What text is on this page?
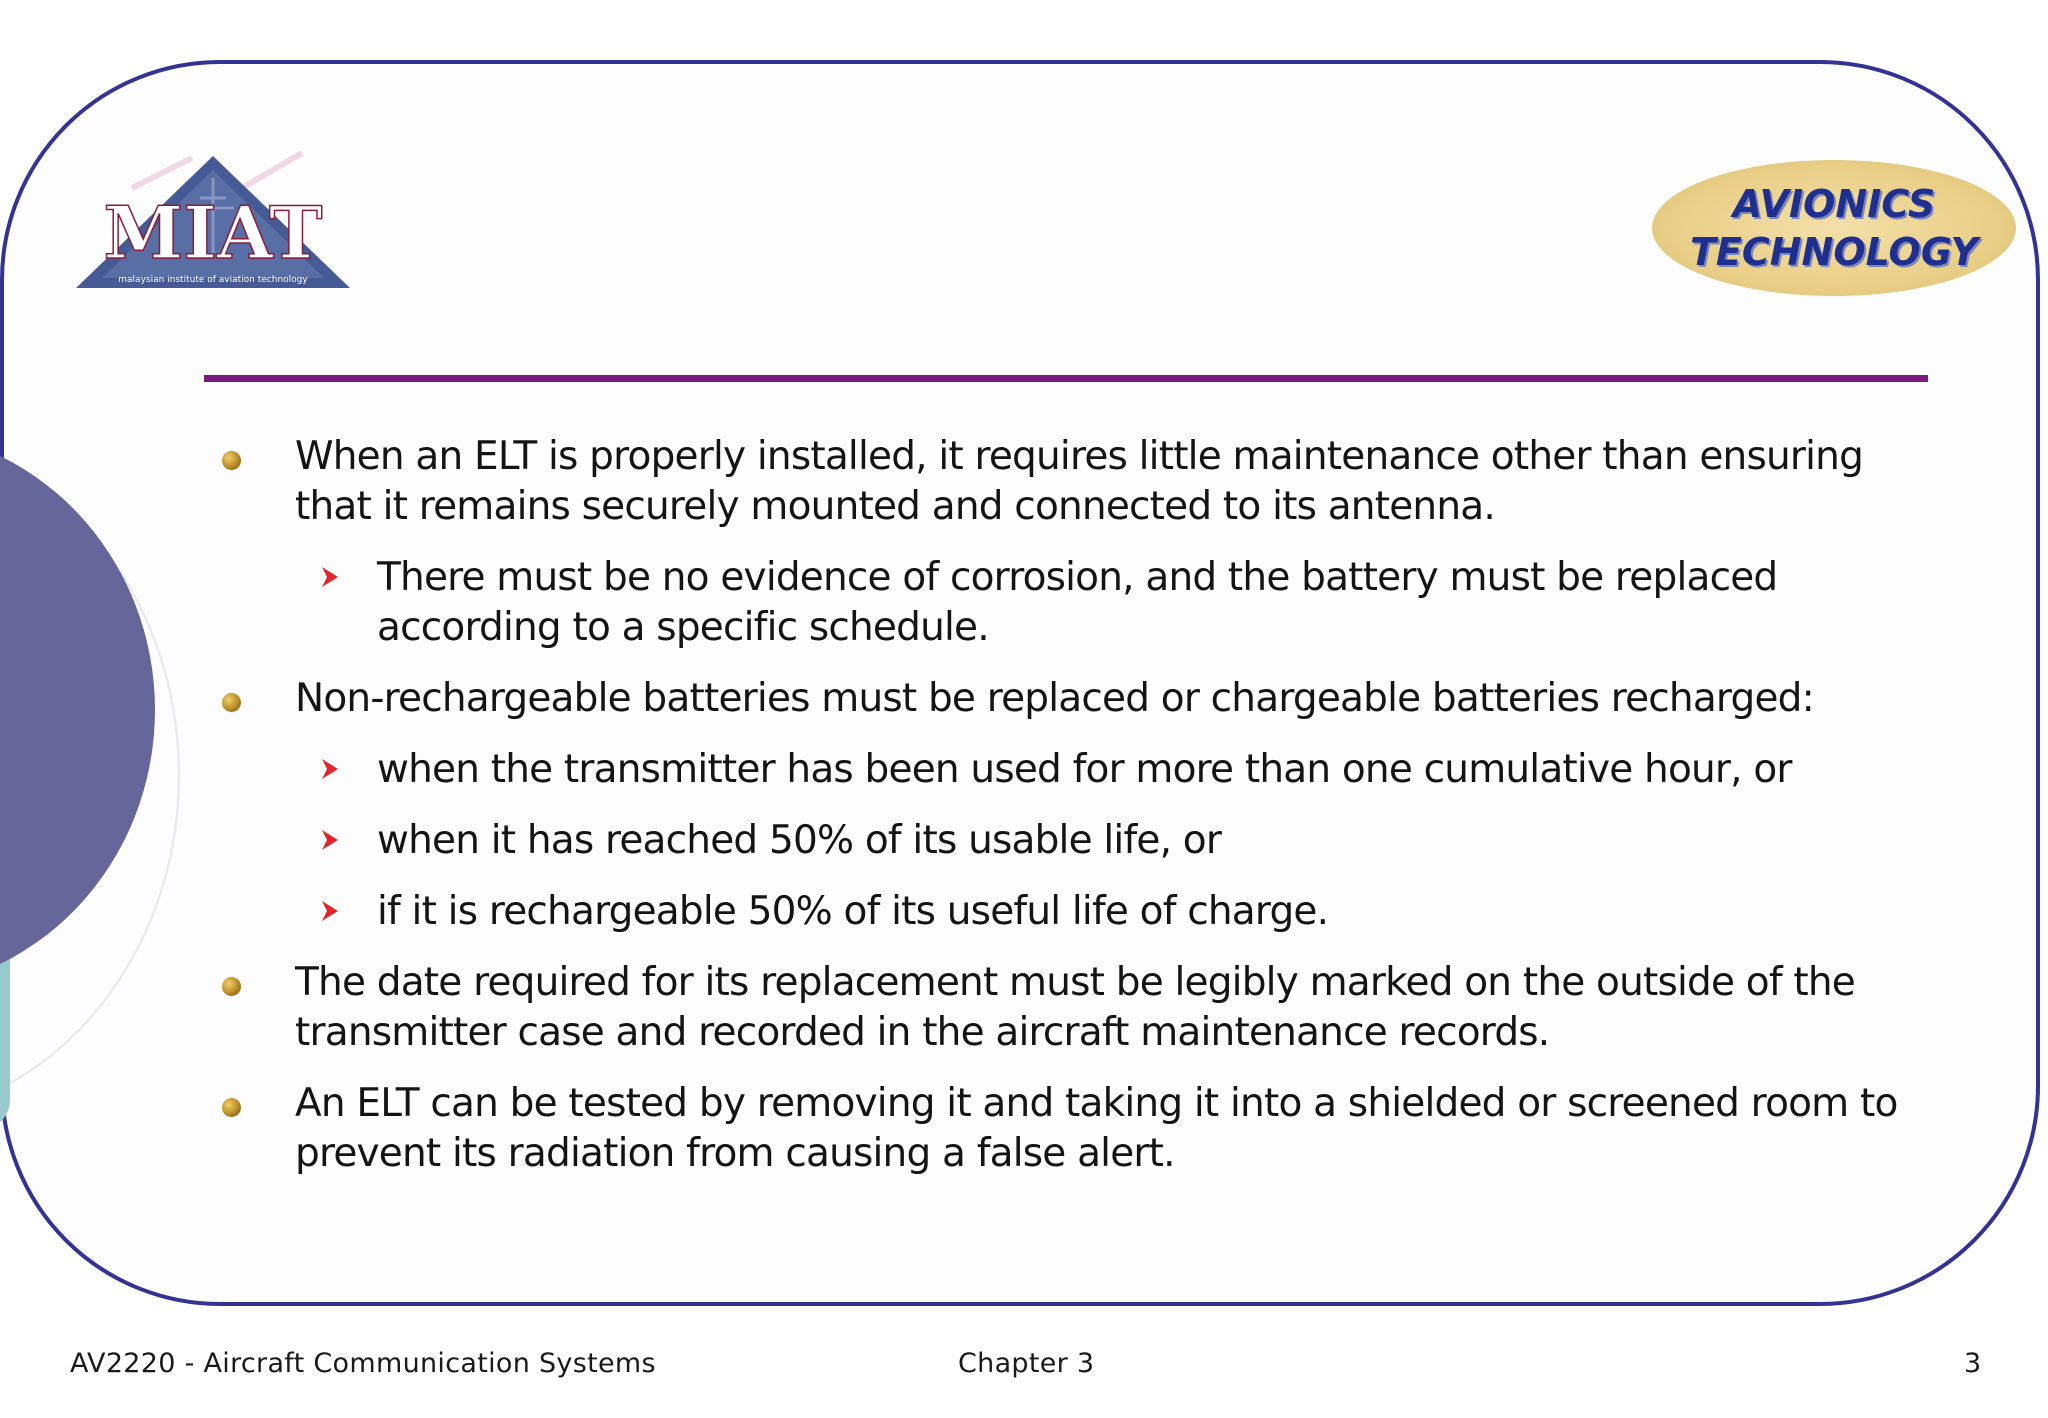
MIAT
malaysian institute of aviation technology
AVIONICS
TECHNOLOGY
When an ELT is properly installed, it requires little maintenance other than ensuring that it remains securely mounted and connected to its antenna.
There must be no evidence of corrosion, and the battery must be replaced according to a specific schedule.
Non-rechargeable batteries must be replaced or chargeable batteries recharged:
when the transmitter has been used for more than one cumulative hour, or
when it has reached 50% of its usable life, or
if it is rechargeable 50% of its useful life of charge.
The date required for its replacement must be legibly marked on the outside of the transmitter case and recorded in the aircraft maintenance records.
An ELT can be tested by removing it and taking it into a shielded or screened room to prevent its radiation from causing a false alert.
AV2220 - Aircraft Communication Systems	Chapter 3	3
